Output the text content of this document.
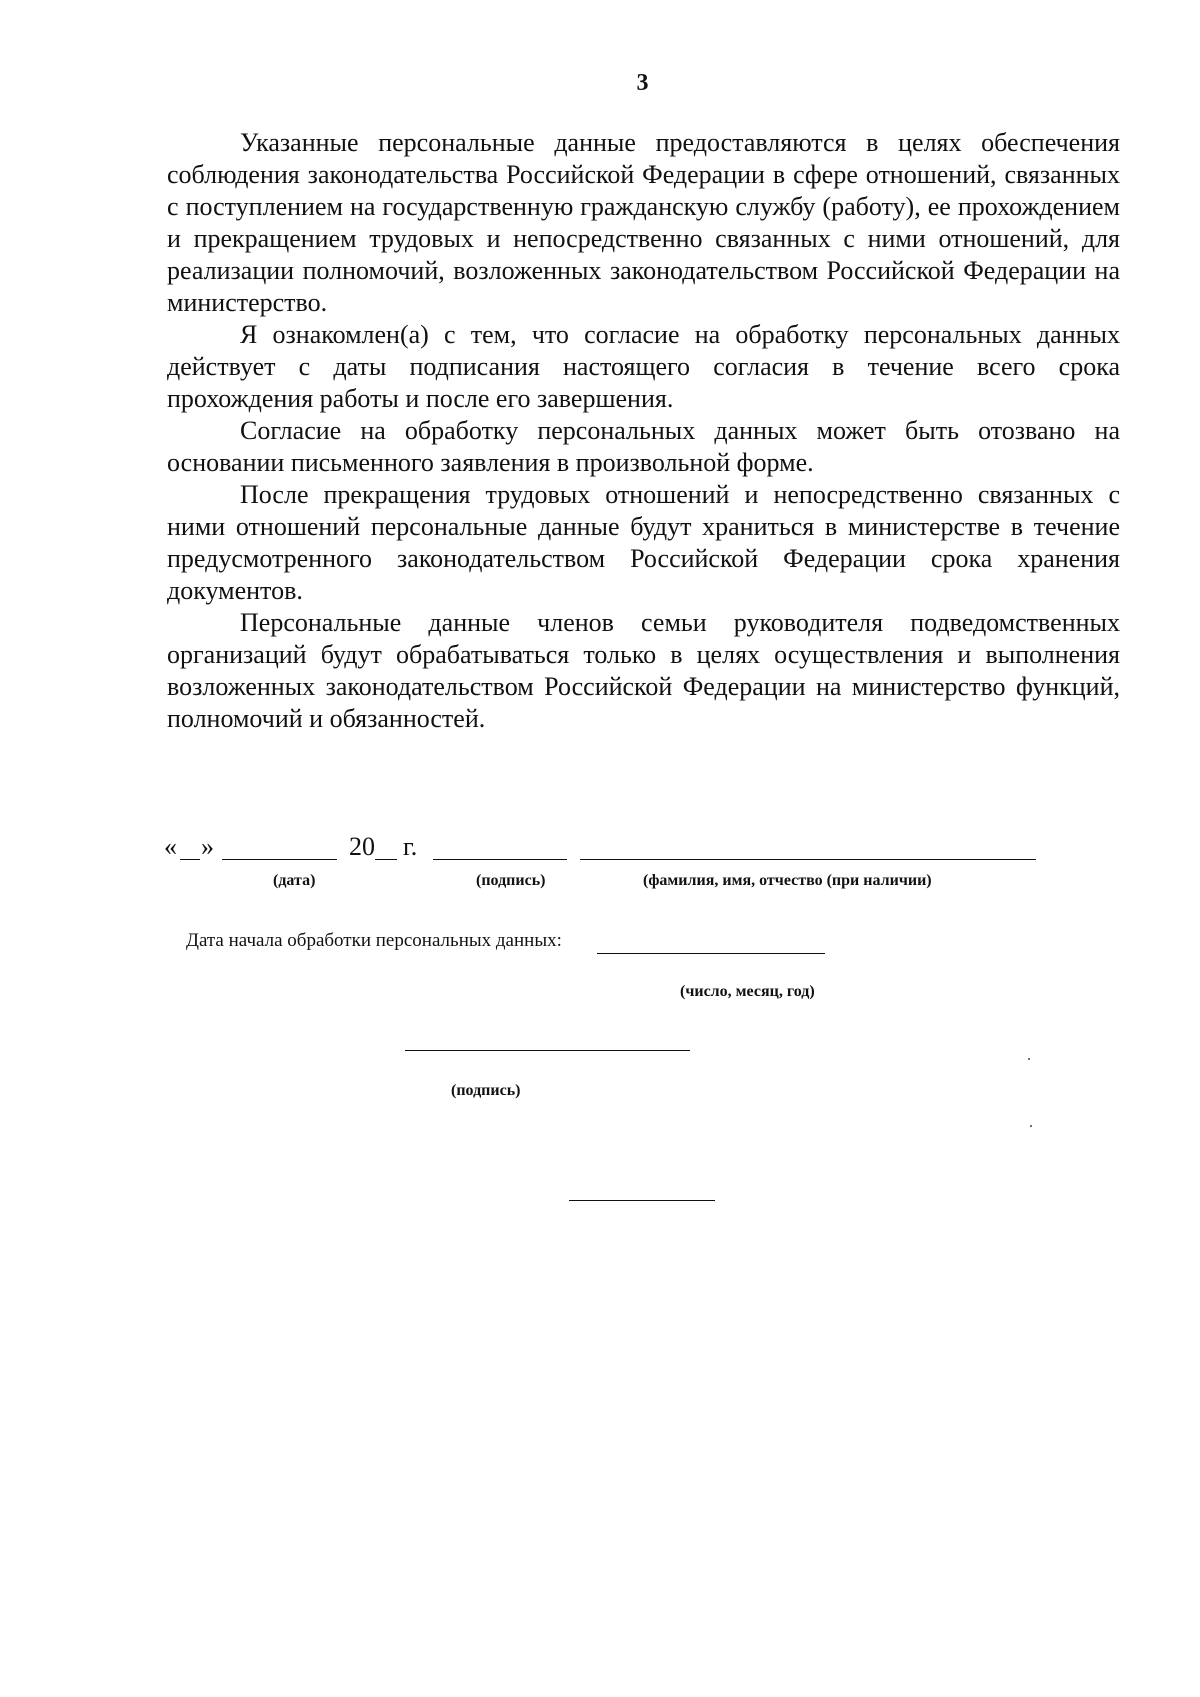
3

Указанные персональные данные предоставляются в целях обеспечения соблюдения законодательства Российской Федерации в сфере отношений, связанных с поступлением на государственную гражданскую службу (работу), ее прохождением и прекращением трудовых и непосредственно связанных с ними отношений, для реализации полномочий, возложенных законодательством Российской Федерации на министерство.

Я ознакомлен(а) с тем, что согласие на обработку персональных данных действует с даты подписания настоящего согласия в течение всего срока прохождения работы и после его завершения.

Согласие на обработку персональных данных может быть отозвано на основании письменного заявления в произвольной форме.

После прекращения трудовых отношений и непосредственно связанных с ними отношений персональные данные будут храниться в министерстве в течение предусмотренного законодательством Российской Федерации срока хранения документов.

Персональные данные членов семьи руководителя подведомственных организаций будут обрабатываться только в целях осуществления и выполнения возложенных законодательством Российской Федерации на министерство функций, полномочий и обязанностей.

« »	20 г.
(дата)	(подпись)	(фамилия, имя, отчество (при наличии)
Дата начала обработки персональных данных:
(число, месяц, год)
(подпись)
